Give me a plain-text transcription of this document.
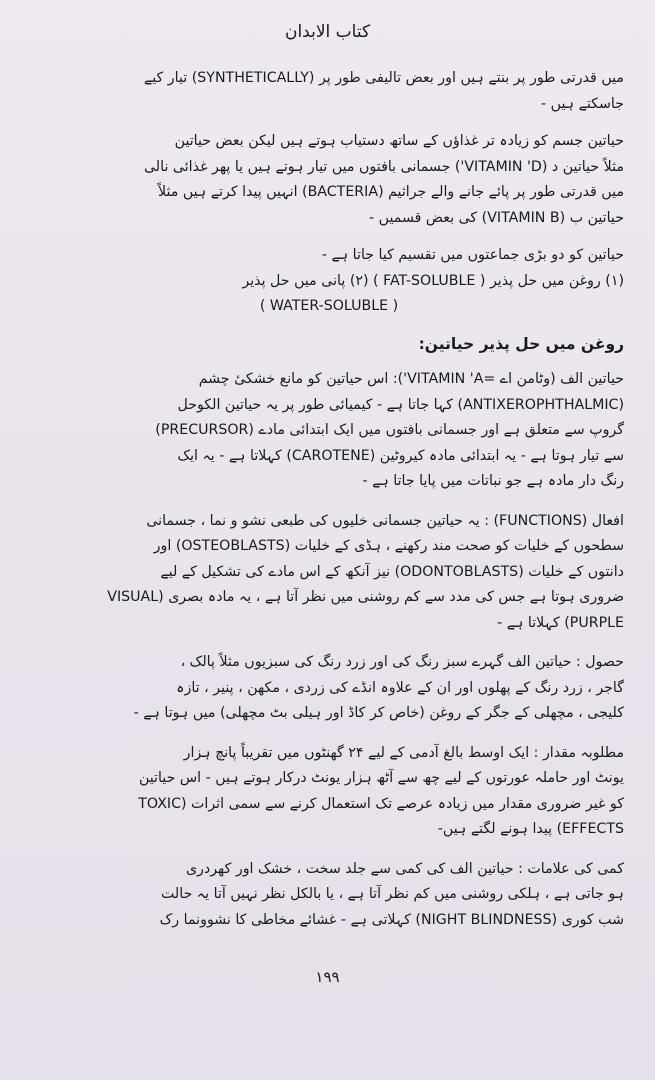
کتاب الابدان

میں قدرتی طور پر بنتے ہیں اور بعض تالیفی طور پر (SYNTHETICALLY) تیار کیے
جاسکتے ہیں -

حیاتین جسم کو زیادہ تر غذاؤں کے ساتھ دستیاب ہوتے ہیں لیکن بعض حیاتین
مثلاً حیاتین د (VITAMIN 'D') جسمانی بافتوں میں تیار ہوتے ہیں یا پھر غذائی نالی
میں قدرتی طور پر پائے جانے والے جراثیم (BACTERIA) انہیں پیدا کرتے ہیں مثلاً
حیاتین ب (VITAMIN B) کی بعض قسمیں -

حیاتین کو دو بڑی جماعتوں میں تقسیم کیا جاتا ہے -
(۱) روغن میں حل پذیر ( FAT-SOLUBLE ) (۲) پانی میں حل پذیر
( WATER-SOLUBLE )

روغن میں حل پذیر حیاتین:

حیاتین الف (وٹامن اے =VITAMIN 'A'): اس حیاتین کو مانع خشکیٔ چشم
(ANTIXEROPHTHALMIC) کہا جاتا ہے - کیمیائی طور پر یہ حیاتین الکوحل
گروپ سے متعلق ہے اور جسمانی بافتوں میں ایک ابتدائی مادے (PRECURSOR)
سے تیار ہوتا ہے - یہ ابتدائی مادہ کیروٹین (CAROTENE) کہلاتا ہے - یہ ایک
رنگ دار مادہ ہے جو نباتات میں پایا جاتا ہے -

افعال (FUNCTIONS) : یہ حیاتین جسمانی خلیوں کی طبعی نشو و نما ، جسمانی
سطحوں کے خلیات کو صحت مند رکھنے ، ہڈی کے خلیات (OSTEOBLASTS) اور
دانتوں کے خلیات (ODONTOBLASTS) نیز آنکھ کے اس مادے کی تشکیل کے لیے
ضروری ہوتا ہے جس کی مدد سے کم روشنی میں نظر آتا ہے ، یہ مادہ بصری (VISUAL
PURPLE) کہلاتا ہے -

حصول : حیاتین الف گہرے سبز رنگ کی اور زرد رنگ کی سبزیوں مثلاً پالک ،
گاجر ، زرد رنگ کے پھلوں اور ان کے علاوہ انڈے کی زردی ، مکھن ، پنیر ، تازہ
کلیجی ، مچھلی کے جگر کے روغن (خاص کر کاڈ اور ہیلی بٹ مچھلی) میں ہوتا ہے -

مطلوبہ مقدار : ایک اوسط بالغ آدمی کے لیے ۲۴ گھنٹوں میں تقریباً پانچ ہزار
یونٹ اور حاملہ عورتوں کے لیے چھ سے آٹھ ہزار یونٹ درکار ہوتے ہیں - اس حیاتین
کو غیر ضروری مقدار میں زیادہ عرصے تک استعمال کرنے سے سمی اثرات (TOXIC
EFFECTS) پیدا ہونے لگتے ہیں-

کمی کی علامات : حیاتین الف کی کمی سے جلد سخت ، خشک اور کھردری
ہو جاتی ہے ، ہلکی روشنی میں کم نظر آتا ہے ، یا بالکل نظر نہیں آتا یہ حالت
شب کوری (NIGHT BLINDNESS) کہلاتی ہے - غشائے مخاطی کا نشوونما رک

۱۹۹
